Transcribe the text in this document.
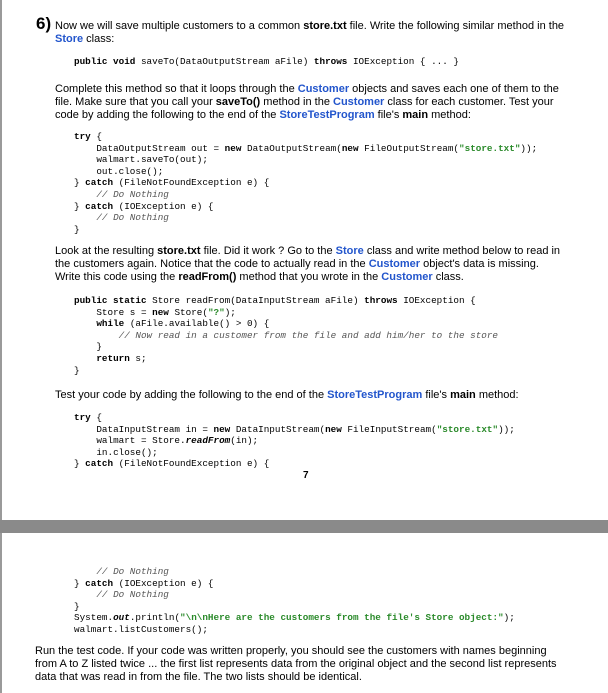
6) Now we will save multiple customers to a common store.txt file. Write the following similar method in the
Store class:
public void saveTo(DataOutputStream aFile) throws IOException { ... }
Complete this method so that it loops through the Customer objects and saves each one of them to the
file. Make sure that you call your saveTo() method in the Customer class for each customer. Test your
code by adding the following to the end of the StoreTestProgram file's main method:
try {
DataOutputStream out = new DataOutputStream(new FileOutputStream("store.txt"));
walmart.saveTo(out);
out.close();
} catch (FileNotFoundException e) {
// Do Nothing
} catch (IOException e) {
// Do Nothing
}
Look at the resulting store.txt file. Did it work ? Go to the Store class and write method below to read in
the customers again. Notice that the code to actually read in the Customer object's data is missing.
Write this code using the readFrom() method that you wrote in the Customer class.
public static Store readFrom(DataInputStream aFile) throws IOException {
Store s = new Store("?");
while (aFile.available() > 0) {
// Now read in a customer from the file and add him/her to the store
}
return s;
}
Test your code by adding the following to the end of the StoreTestProgram file's main method:
try {
DataInputStream in = new DataInputStream(new FileInputStream("store.txt"));
walmart = Store.readFrom(in);
in.close();
} catch (FileNotFoundException e) {
7
// Do Nothing
} catch (IOException e) {
// Do Nothing
}
System.out.println("\n\nHere are the customers from the file's Store object:");
walmart.listCustomers();
Run the test code. If your code was written properly, you should see the customers with names beginning
from A to Z listed twice ... the first list represents data from the original object and the second list represents
data that was read in from the file. The two lists should be identical.
